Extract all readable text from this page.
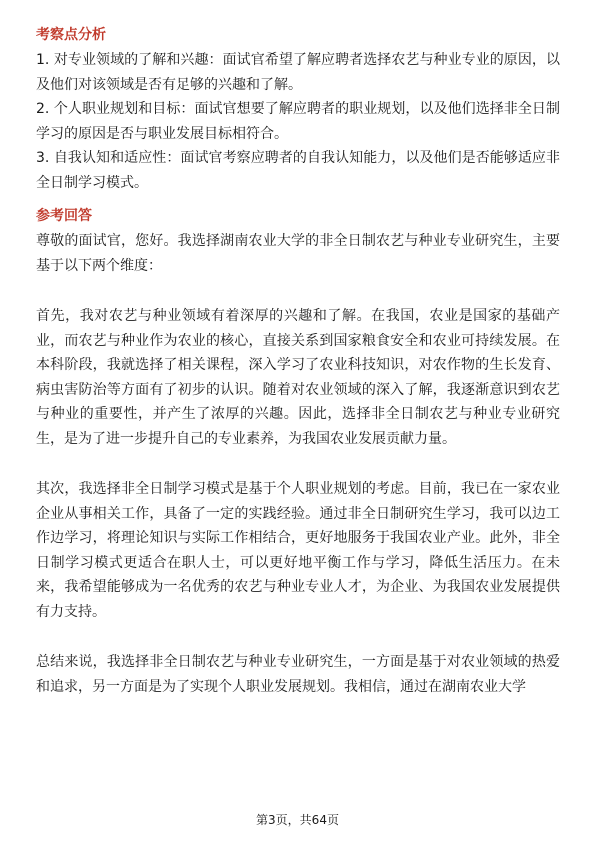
考察点分析

1. 对专业领域的了解和兴趣：面试官希望了解应聘者选择农艺与种业专业的原因，以及他们对该领域是否有足够的兴趣和了解。

2. 个人职业规划和目标：面试官想要了解应聘者的职业规划，以及他们选择非全日制学习的原因是否与职业发展目标相符合。

3. 自我认知和适应性：面试官考察应聘者的自我认知能力，以及他们是否能够适应非全日制学习模式。

参考回答

尊敬的面试官，您好。我选择湖南农业大学的非全日制农艺与种业专业研究生，主要基于以下两个维度：

首先，我对农艺与种业领域有着深厚的兴趣和了解。在我国，农业是国家的基础产业，而农艺与种业作为农业的核心，直接关系到国家粮食安全和农业可持续发展。在本科阶段，我就选择了相关课程，深入学习了农业科技知识，对农作物的生长发育、病虫害防治等方面有了初步的认识。随着对农业领域的深入了解，我逐渐意识到农艺与种业的重要性，并产生了浓厚的兴趣。因此，选择非全日制农艺与种业专业研究生，是为了进一步提升自己的专业素养，为我国农业发展贡献力量。

其次，我选择非全日制学习模式是基于个人职业规划的考虑。目前，我已在一家农业企业从事相关工作，具备了一定的实践经验。通过非全日制研究生学习，我可以边工作边学习，将理论知识与实际工作相结合，更好地服务于我国农业产业。此外，非全日制学习模式更适合在职人士，可以更好地平衡工作与学习，降低生活压力。在未来，我希望能够成为一名优秀的农艺与种业专业人才，为企业、为我国农业发展提供有力支持。

总结来说，我选择非全日制农艺与种业专业研究生，一方面是基于对农业领域的热爱和追求，另一方面是为了实现个人职业发展规划。我相信，通过在湖南农业大学

第3页，共64页
